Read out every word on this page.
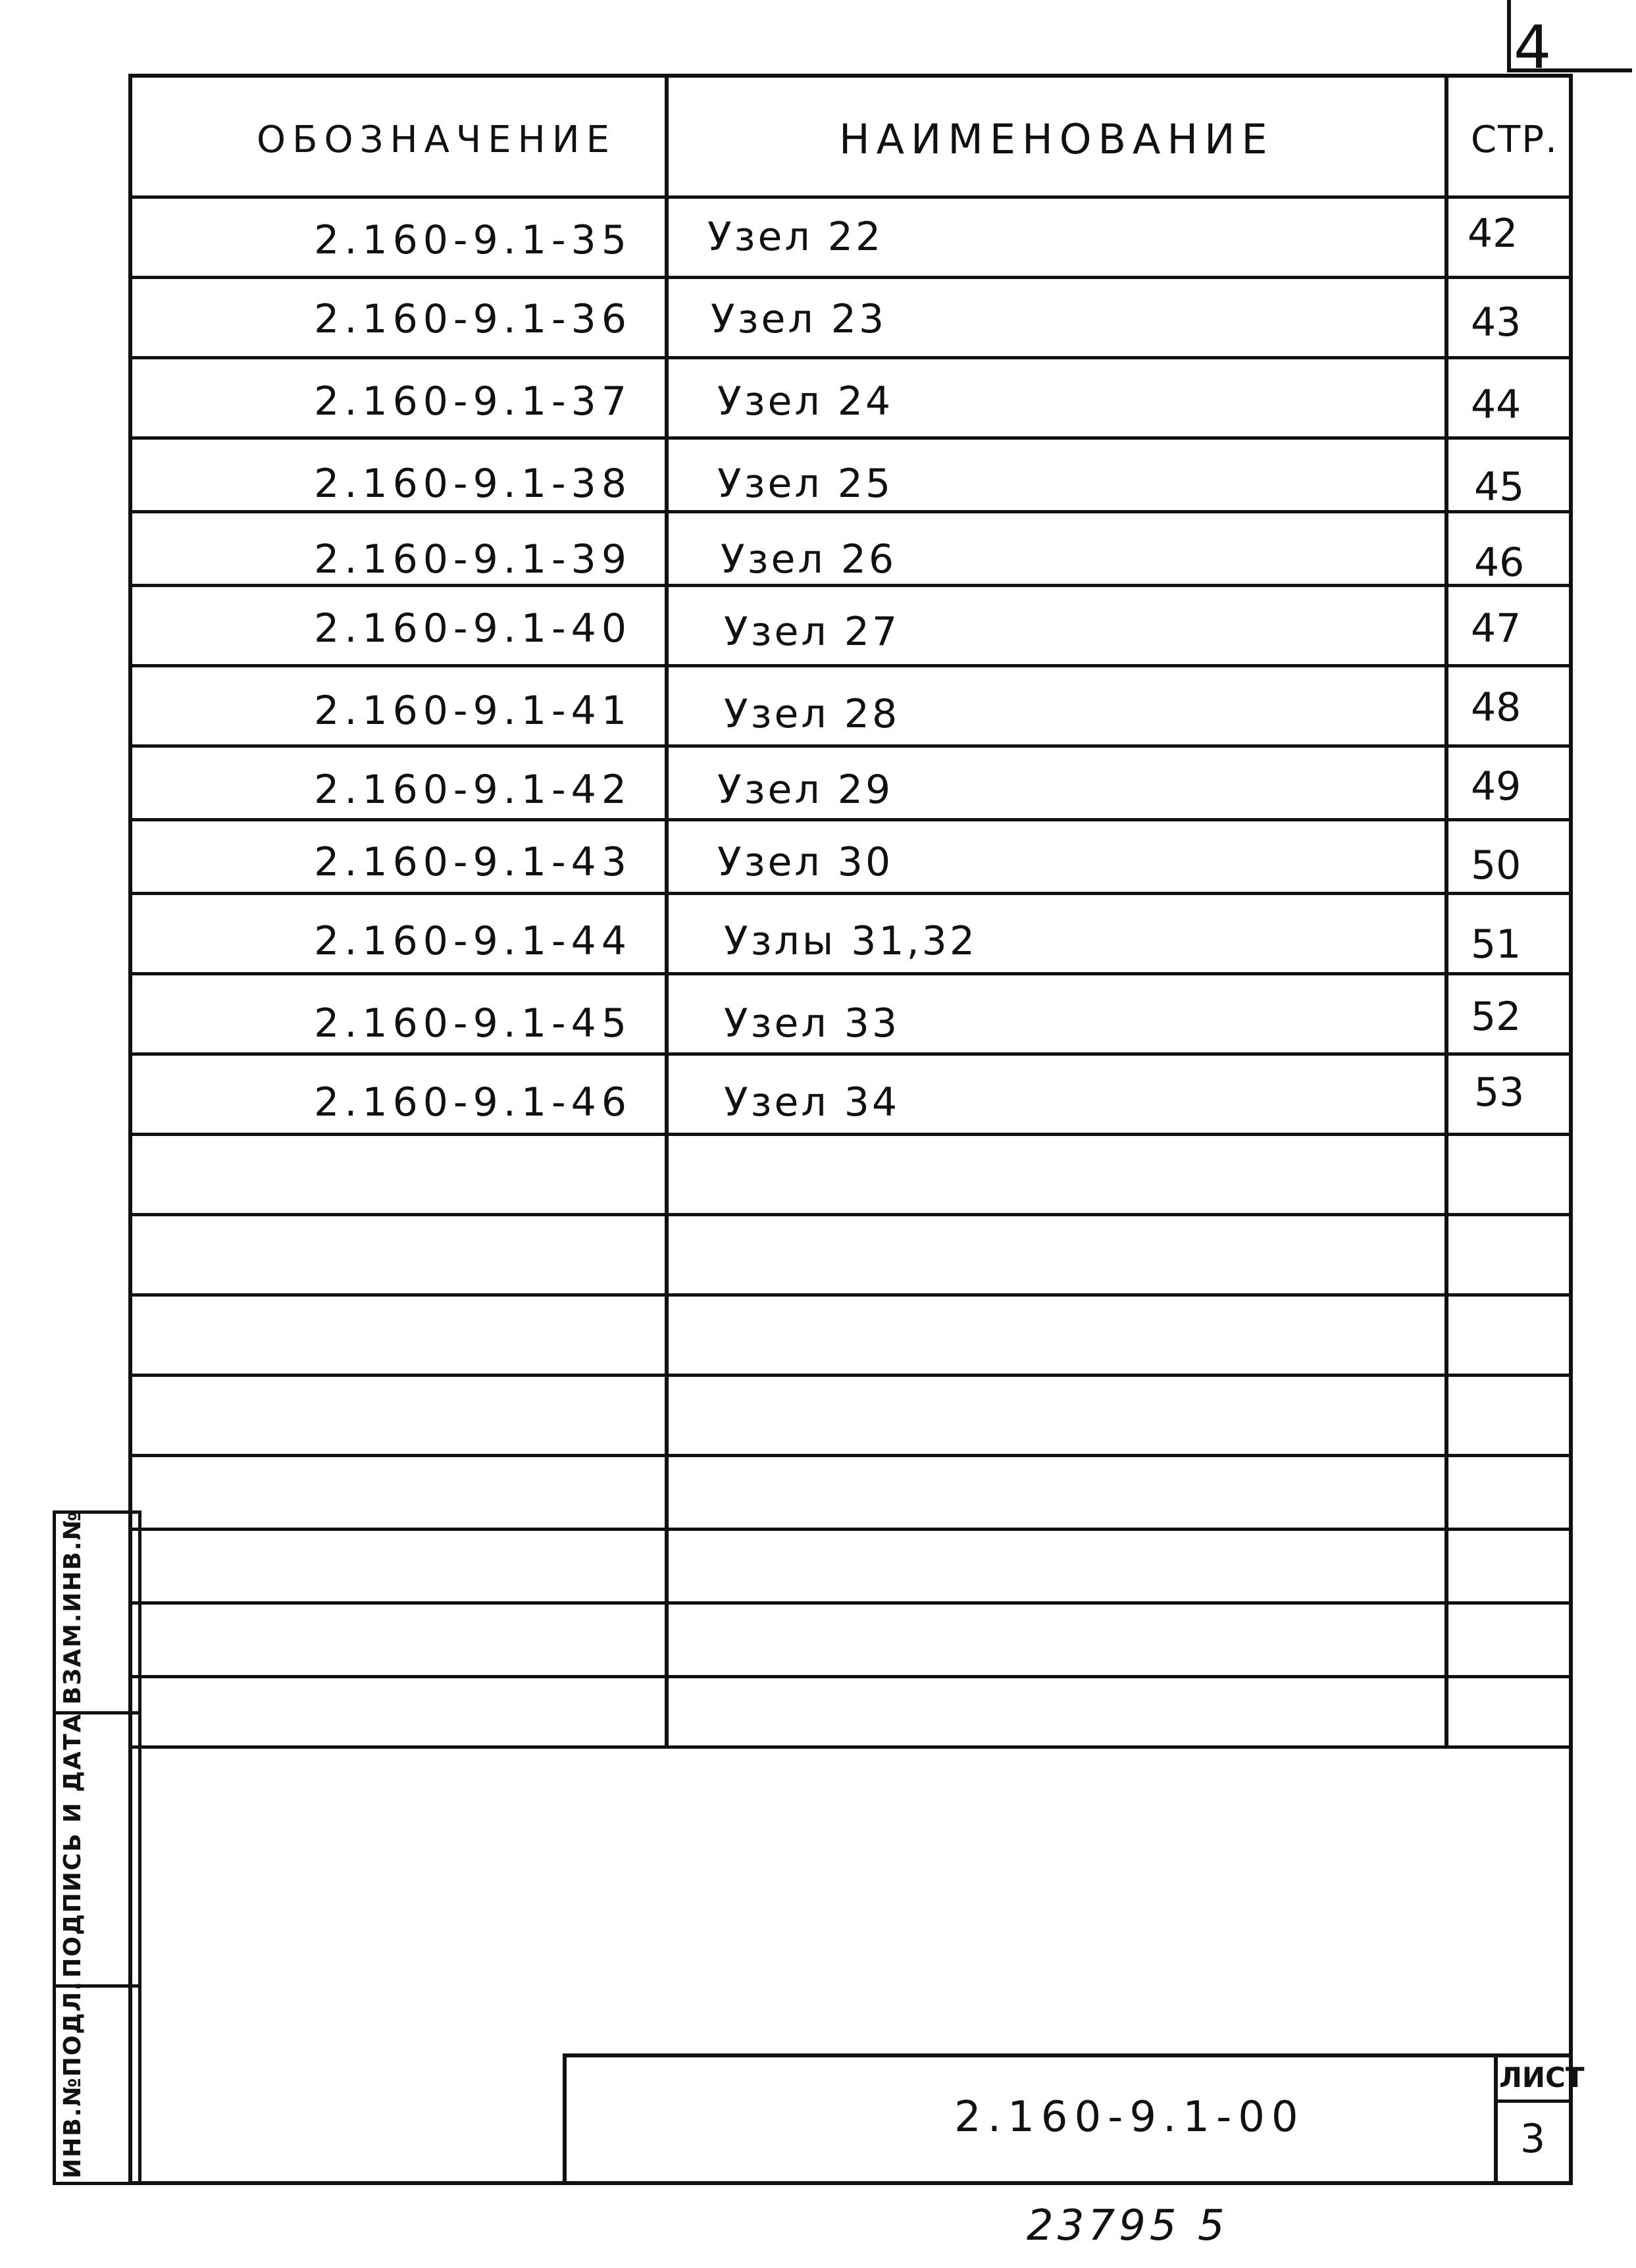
4
ОБОЗНАЧЕНИЕ	НАИМЕНОВАНИЕ	СТР.
2.160-9.1-35 Узел 22	42
2.160-9.1-36 Узел 23	43
2.160-9.1-37 Узел 24	44
2.160-9.1-38 Узел 25	45
2.160-9.1-39 Узел 26	46
2.160-9.1-40 Узел 27	47
2.160-9.1-41 Узел 28	48
2.160-9.1-42 Узел 29	49
2.160-9.1-43 Узел 30	50
2.160-9.1-44 Узлы 31,32	51
2.160-9.1-45 Узел 33	52
2.160-9.1-46 Узел 34	53
ВЗАМ.ИНВ.№
ПОДПИСЬ И ДАТА
ИНВ.№ПОДЛ.	2.160-9.1-00
ЛИСТ
3
23795 5
